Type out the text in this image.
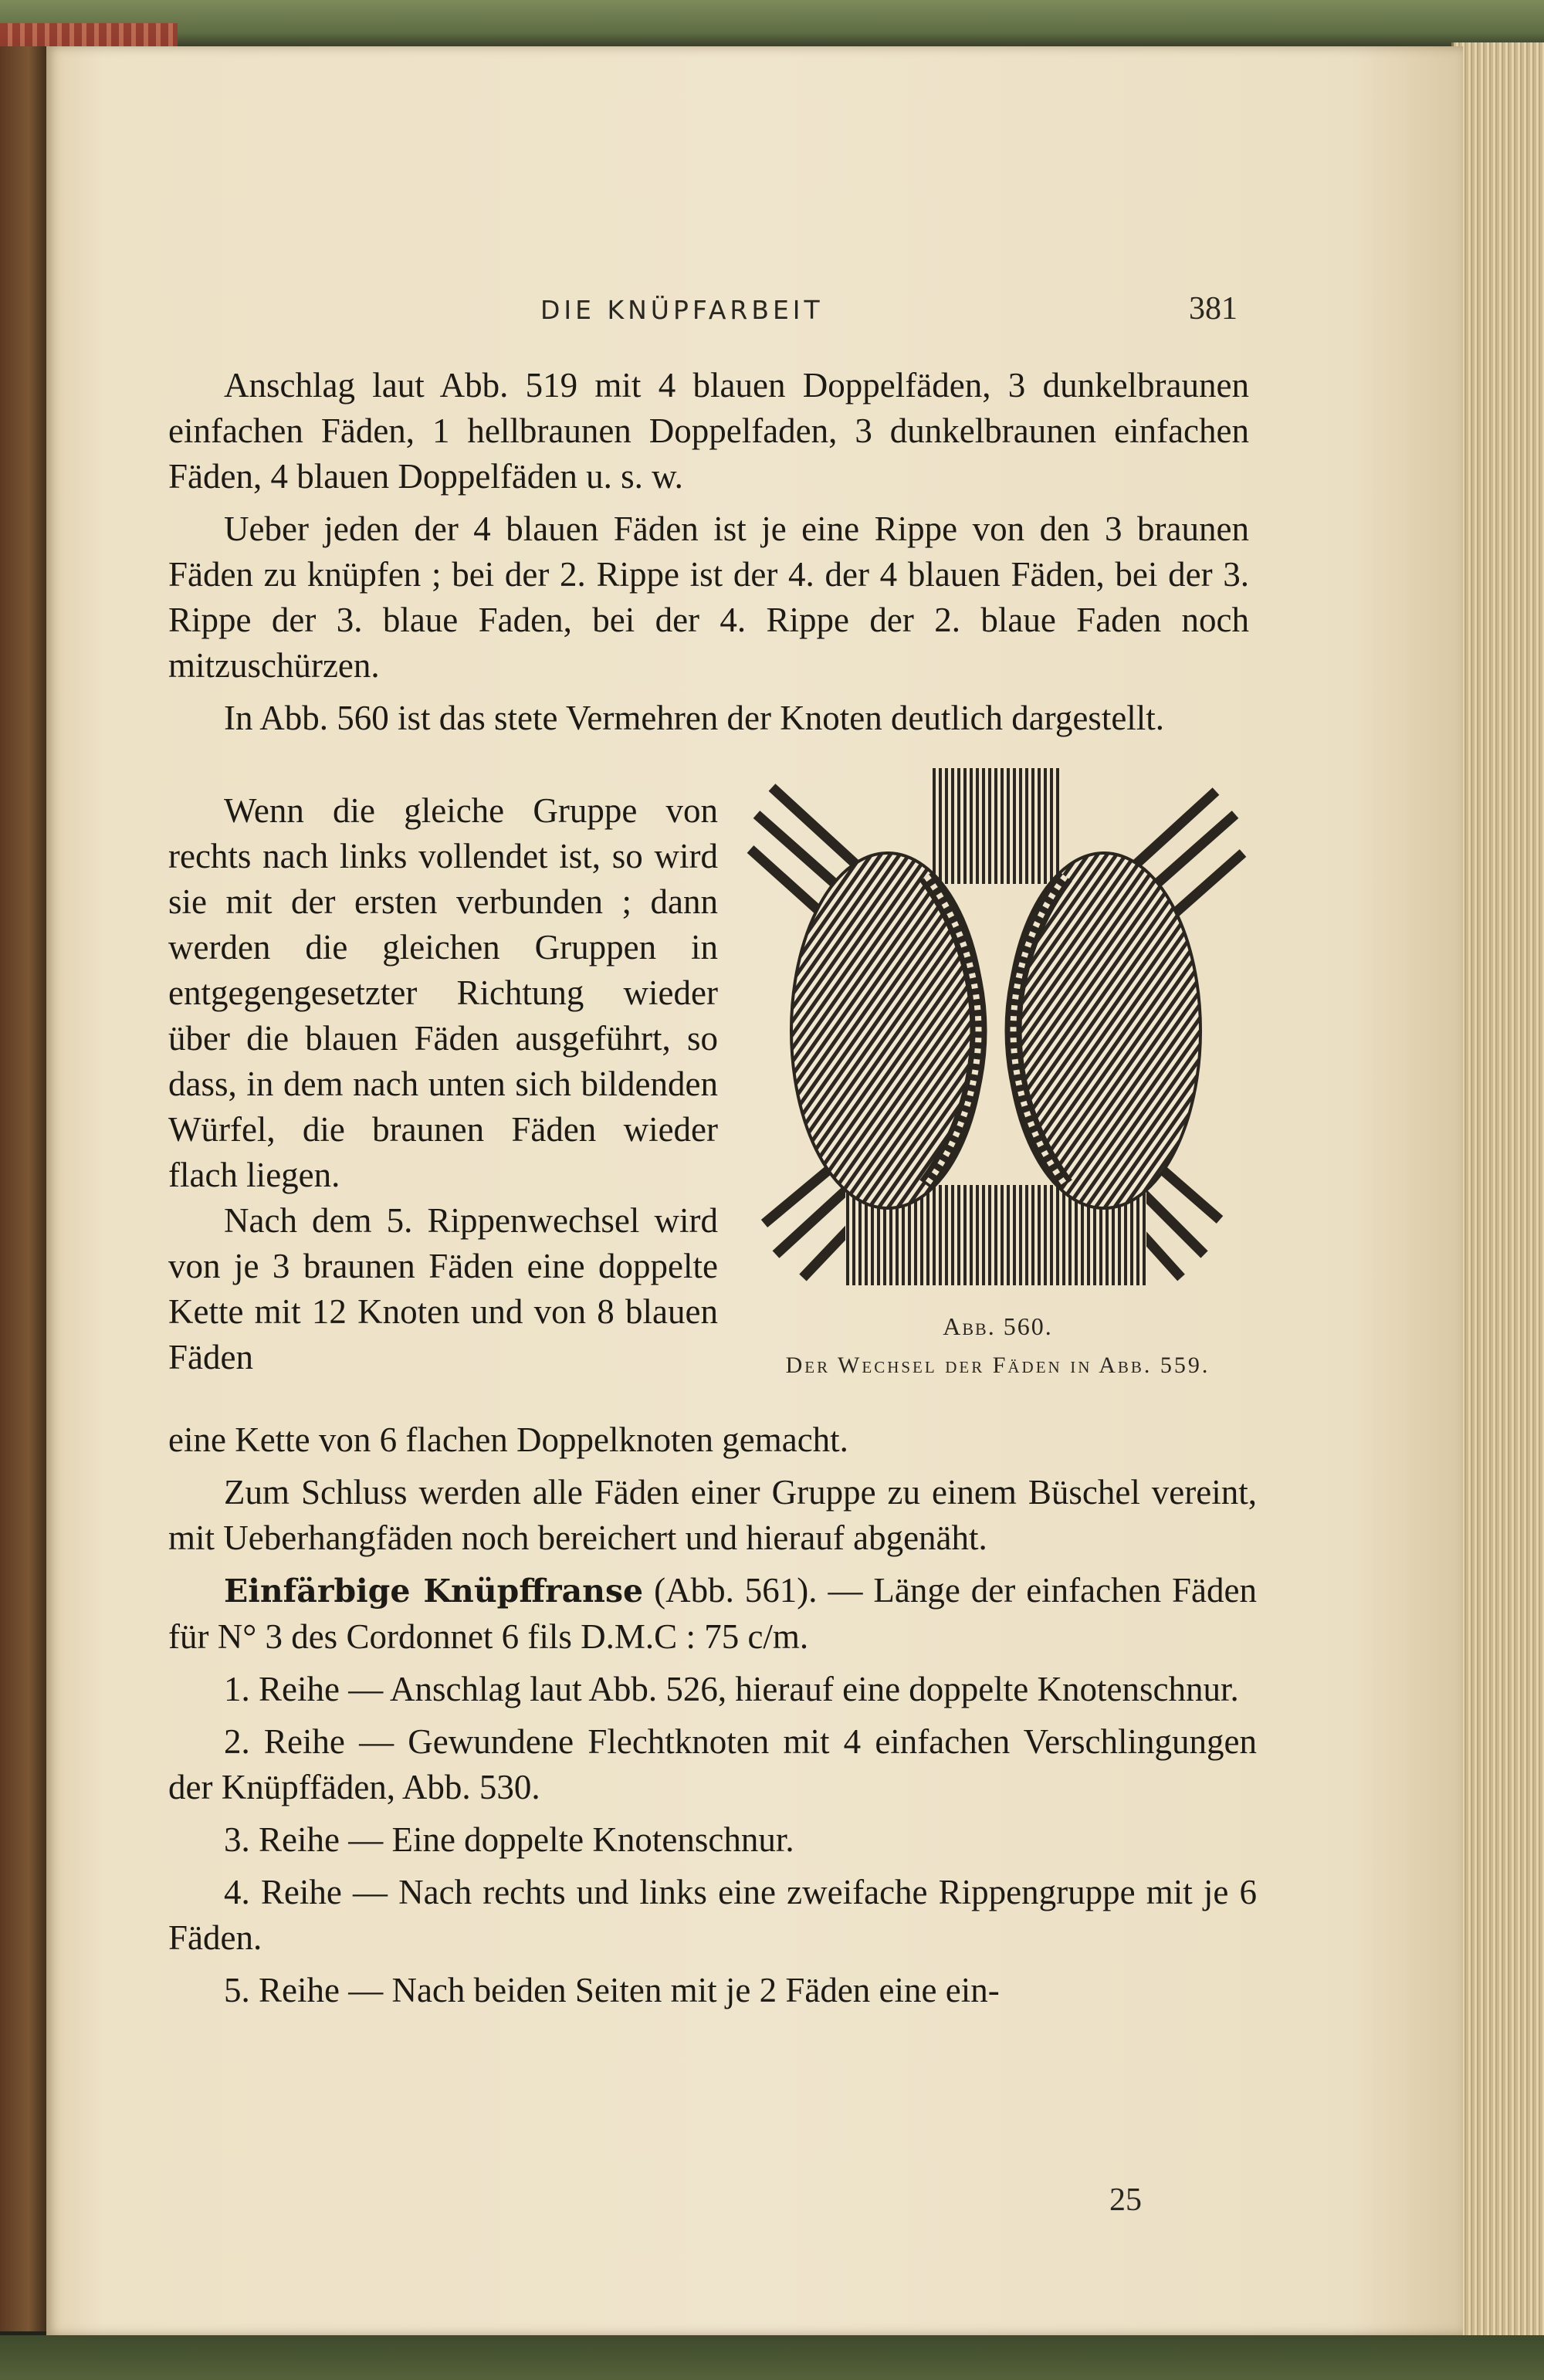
DIE KNÜPFARBEIT	381

Anschlag laut Abb. 519 mit 4 blauen Doppelfäden, 3 dunkelbraunen einfachen Fäden, 1 hellbraunen Doppelfaden, 3 dunkelbraunen einfachen Fäden, 4 blauen Doppelfäden u. s. w.

Ueber jeden der 4 blauen Fäden ist je eine Rippe von den 3 braunen Fäden zu knüpfen ; bei der 2. Rippe ist der 4. der 4 blauen Fäden, bei der 3. Rippe der 3. blaue Faden, bei der 4. Rippe der 2. blaue Faden noch mitzuschürzen.

In Abb. 560 ist das stete Vermehren der Knoten deutlich dargestellt.

Wenn die gleiche Gruppe von rechts nach links vollendet ist, so wird sie mit der ersten verbunden ; dann werden die gleichen Gruppen in entgegengesetzter Richtung wieder über die blauen Fäden ausgeführt, so dass, in dem nach unten sich bildenden Würfel, die braunen Fäden wieder flach liegen.

Nach dem 5. Rippenwechsel wird von je 3 braunen Fäden eine doppelte Kette mit 12 Knoten und von 8 blauen Fäden

Abb. 560.
Der Wechsel der Fäden in Abb. 559.

eine Kette von 6 flachen Doppelknoten gemacht.

Zum Schluss werden alle Fäden einer Gruppe zu einem Büschel vereint, mit Ueberhangfäden noch bereichert und hierauf abgenäht.

Einfärbige Knüpffranse (Abb. 561). — Länge der einfachen Fäden für N° 3 des Cordonnet 6 fils D.M.C : 75 c/m.

1. Reihe — Anschlag laut Abb. 526, hierauf eine doppelte Knotenschnur.

2. Reihe — Gewundene Flechtknoten mit 4 einfachen Verschlingungen der Knüpffäden, Abb. 530.

3. Reihe — Eine doppelte Knotenschnur.

4. Reihe — Nach rechts und links eine zweifache Rippengruppe mit je 6 Fäden.

5. Reihe — Nach beiden Seiten mit je 2 Fäden eine ein-

25
